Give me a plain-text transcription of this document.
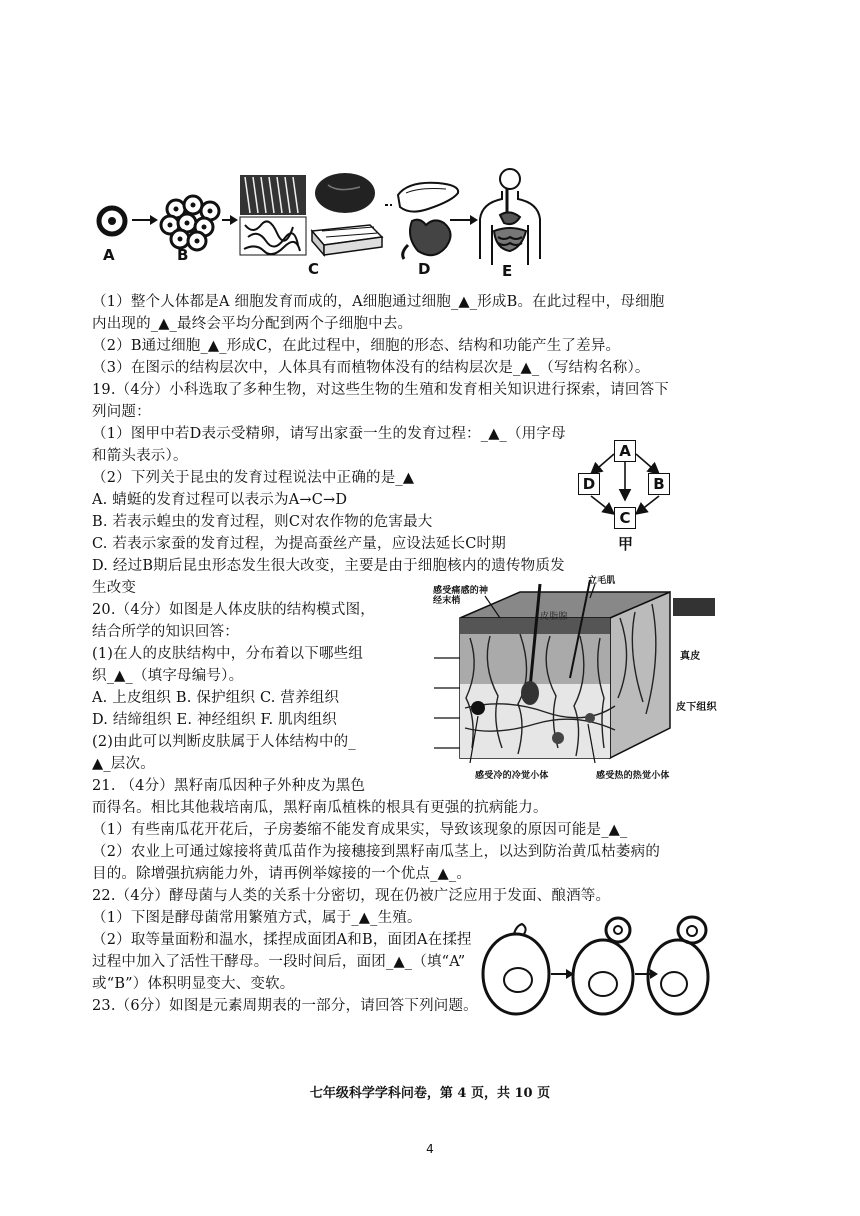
A	B
C	D	E
（1）整个人体都是A 细胞发育而成的，A细胞通过细胞_▲_形成B。在此过程中，母细胞
内出现的_▲_最终会平均分配到两个子细胞中去。
（2）B通过细胞_▲_形成C，在此过程中，细胞的形态、结构和功能产生了差异。
（3）在图示的结构层次中，人体具有而植物体没有的结构层次是_▲_（写结构名称）。
19.（4分）小科选取了多种生物，对这些生物的生殖和发育相关知识进行探索，请回答下
列问题：
（1）图甲中若D表示受精卵，请写出家蚕一生的发育过程：_▲_（用字母
和箭头表示）。
（2）下列关于昆虫的发育过程说法中正确的是_▲
A. 蜻蜓的发育过程可以表示为A→C→D
B. 若表示蝗虫的发育过程，则C对农作物的危害最大
C. 若表示家蚕的发育过程，为提高蚕丝产量，应设法延长C时期
D. 经过B期后昆虫形态发生很大改变，主要是由于细胞核内的遗传物质发
生改变
A
B
C
D
甲
20.（4分）如图是人体皮肤的结构模式图，
结合所学的知识回答：
(1)在人的皮肤结构中，分布着以下哪些组
织_▲_（填字母编号）。
A. 上皮组织 B. 保护组织 C. 营养组织
D. 结缔组织 E. 神经组织 F. 肌肉组织
(2)由此可以判断皮肤属于人体结构中的_
▲_层次。
感受痛感的神经末梢
立毛肌
皮脂腺
真皮
皮下组织
感受冷的冷觉小体	感受热的热觉小体
21. （4分）黑籽南瓜因种子外种皮为黑色
而得名。相比其他栽培南瓜，黑籽南瓜植株的根具有更强的抗病能力。
（1）有些南瓜花开花后，子房萎缩不能发育成果实，导致该现象的原因可能是_▲_
（2）农业上可通过嫁接将黄瓜苗作为接穗接到黑籽南瓜茎上，以达到防治黄瓜枯萎病的
目的。除增强抗病能力外，请再例举嫁接的一个优点_▲_。
22.（4分）酵母菌与人类的关系十分密切，现在仍被广泛应用于发面、酿酒等。
（1）下图是酵母菌常用繁殖方式，属于_▲_生殖。
（2）取等量面粉和温水，揉捏成面团A和B，面团A在揉捏
过程中加入了活性干酵母。一段时间后，面团_▲_（填“A”
或“B”）体积明显变大、变软。
23.（6分）如图是元素周期表的一部分，请回答下列问题。
七年级科学学科问卷，第 4 页，共 10 页
4
